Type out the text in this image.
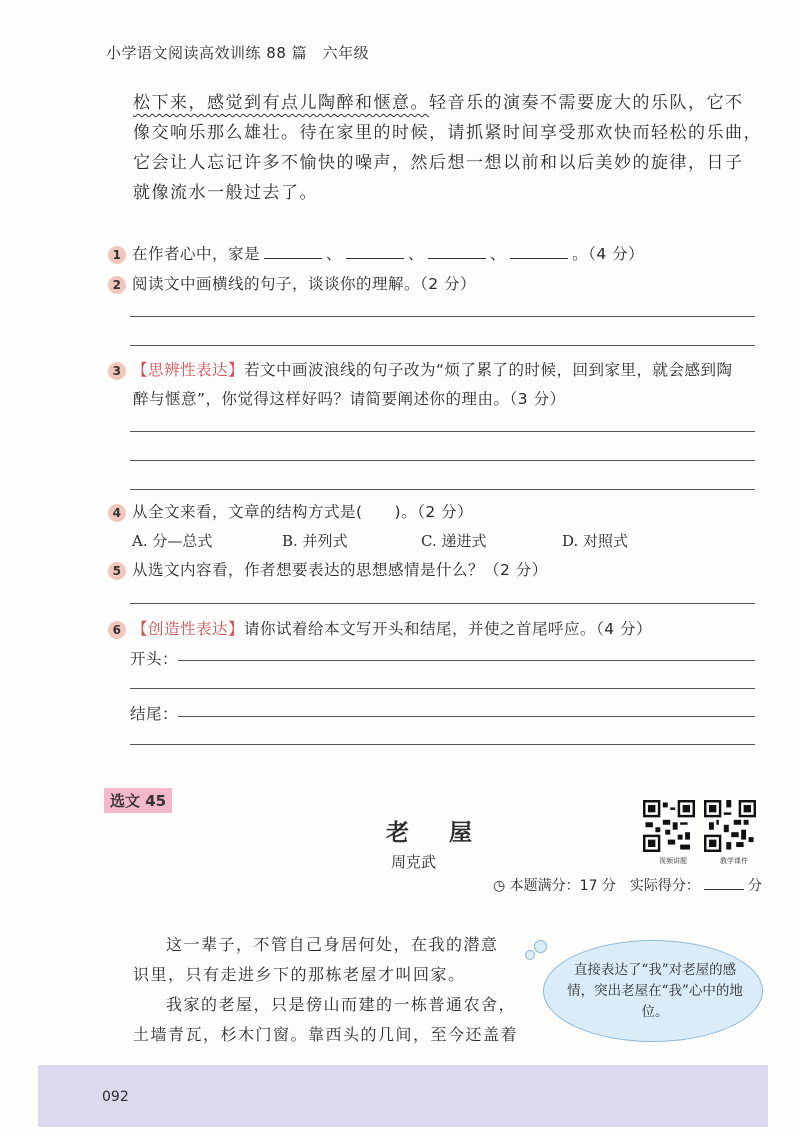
小学语文阅读高效训练 88 篇　六年级
松下来，感觉到有点儿陶醉和惬意。轻音乐的演奏不需要庞大的乐队，它不
像交响乐那么雄壮。待在家里的时候，请抓紧时间享受那欢快而轻松的乐曲，
它会让人忘记许多不愉快的噪声，然后想一想以前和以后美妙的旋律，日子
就像流水一般过去了。
1 在作者心中，家是	、	、	、	。（4 分）
2 阅读文中画横线的句子，谈谈你的理解。（2 分）
3 【思辨性表达】若文中画波浪线的句子改为“烦了累了的时候，回到家里，就会感到陶
醉与惬意”，你觉得这样好吗？请简要阐述你的理由。（3 分）
4 从全文来看，文章的结构方式是(　　)。（2 分）
A. 分—总式	B. 并列式	C. 递进式	D. 对照式
5 从选文内容看，作者想要表达的思想感情是什么？（2 分）
6 【创造性表达】请你试着给本文写开头和结尾，并使之首尾呼应。（4 分）
开头：
结尾：
选文 45
老屋
周克武	视频讲题	教学课件
◷ 本题满分：17 分　实际得分：	分
这一辈子，不管自己身居何处，在我的潜意
识里，只有走进乡下的那栋老屋才叫回家。
我家的老屋，只是傍山而建的一栋普通农舍，
土墙青瓦，杉木门窗。靠西头的几间，至今还盖着
直接表达了“我”对老屋的感情，突出老屋在“我”心中的地位。
092
